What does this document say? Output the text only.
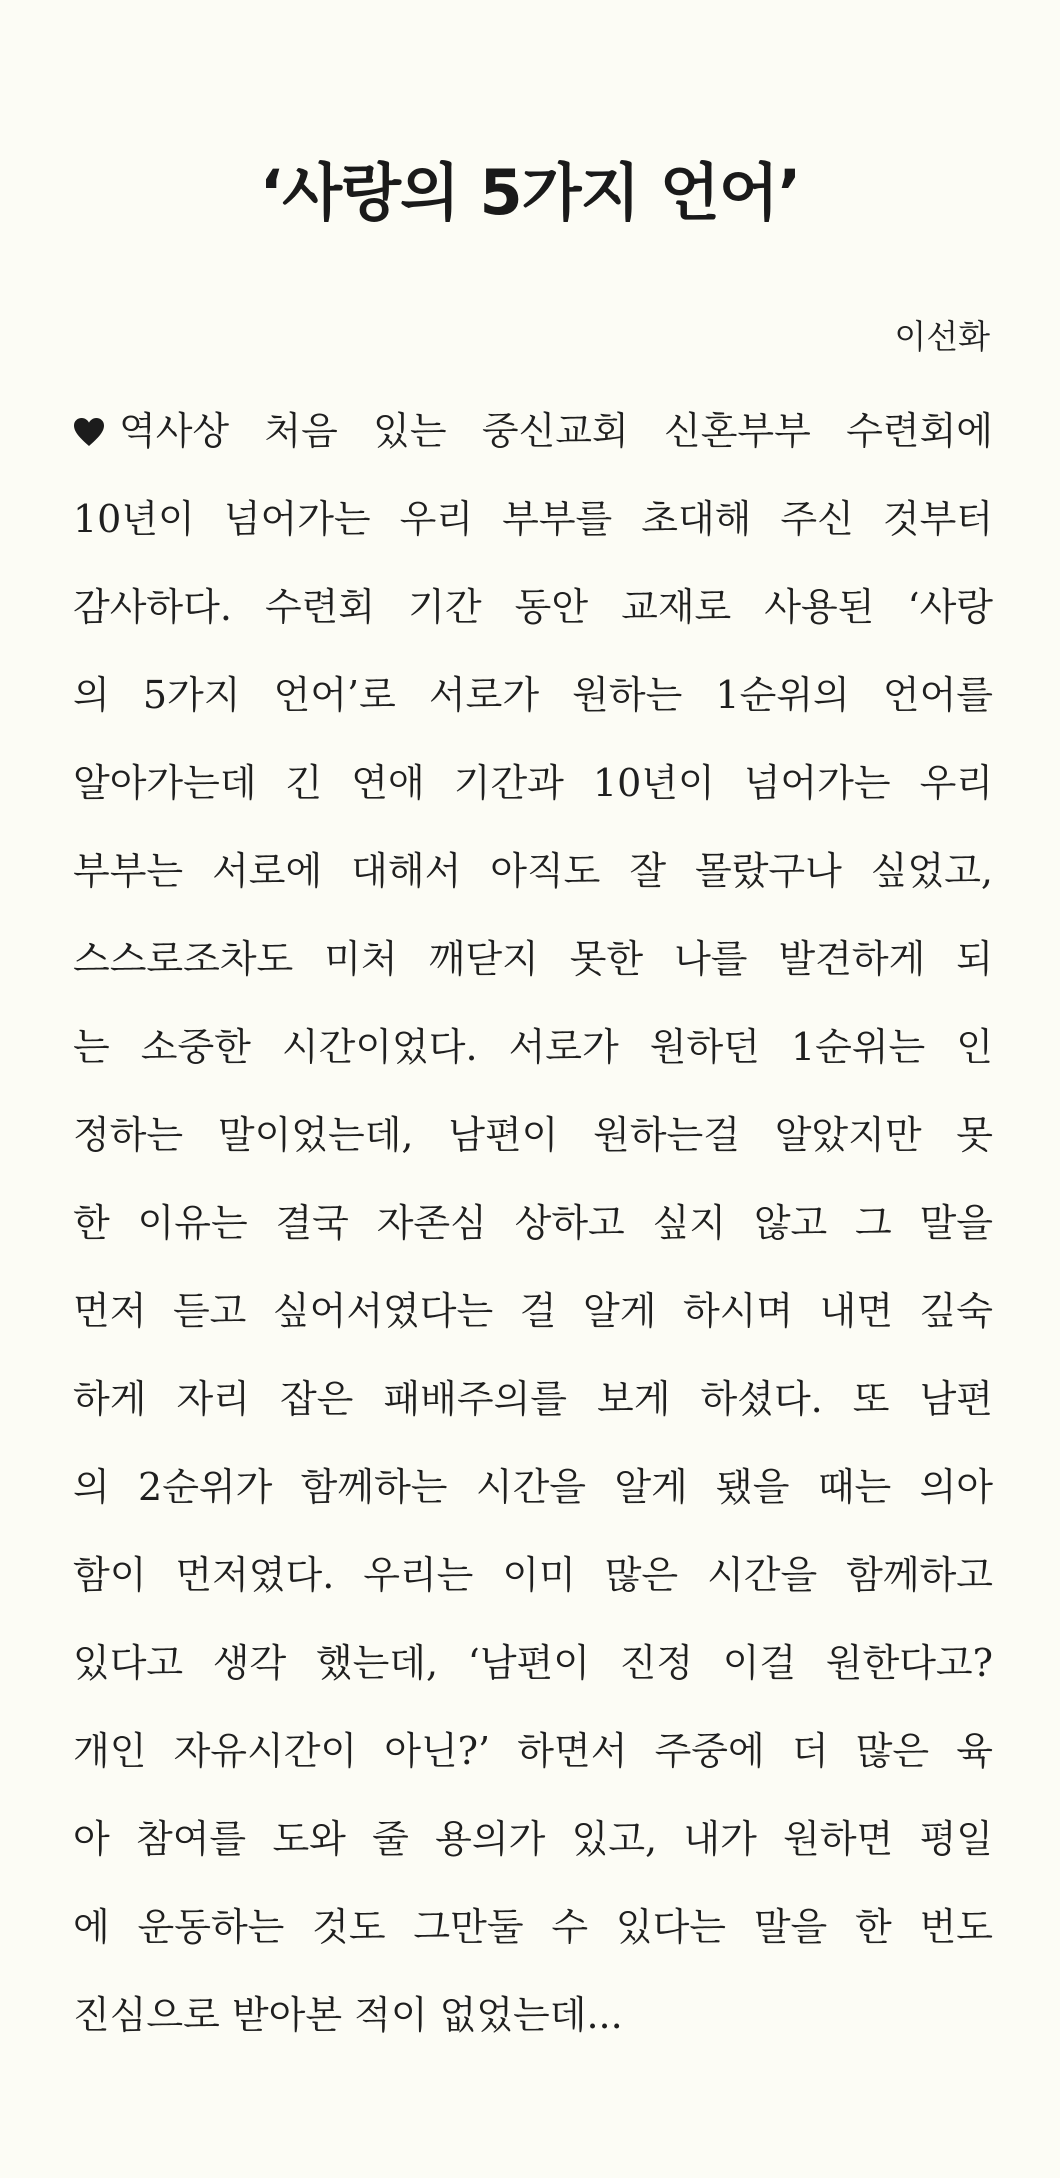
‘사랑의 5가지 언어’
이선화
역사상 처음 있는 중신교회 신혼부부 수련회에
10년이 넘어가는 우리 부부를 초대해 주신 것부터
감사하다. 수련회 기간 동안 교재로 사용된 ‘사랑
의 5가지 언어’로 서로가 원하는 1순위의 언어를
알아가는데 긴 연애 기간과 10년이 넘어가는 우리
부부는 서로에 대해서 아직도 잘 몰랐구나 싶었고,
스스로조차도 미처 깨닫지 못한 나를 발견하게 되
는 소중한 시간이었다. 서로가 원하던 1순위는 인
정하는 말이었는데, 남편이 원하는걸 알았지만 못
한 이유는 결국 자존심 상하고 싶지 않고 그 말을
먼저 듣고 싶어서였다는 걸 알게 하시며 내면 깊숙
하게 자리 잡은 패배주의를 보게 하셨다. 또 남편
의 2순위가 함께하는 시간을 알게 됐을 때는 의아
함이 먼저였다. 우리는 이미 많은 시간을 함께하고
있다고 생각 했는데, ‘남편이 진정 이걸 원한다고?
개인 자유시간이 아닌?’ 하면서 주중에 더 많은 육
아 참여를 도와 줄 용의가 있고, 내가 원하면 평일
에 운동하는 것도 그만둘 수 있다는 말을 한 번도
진심으로 받아본 적이 없었는데...
